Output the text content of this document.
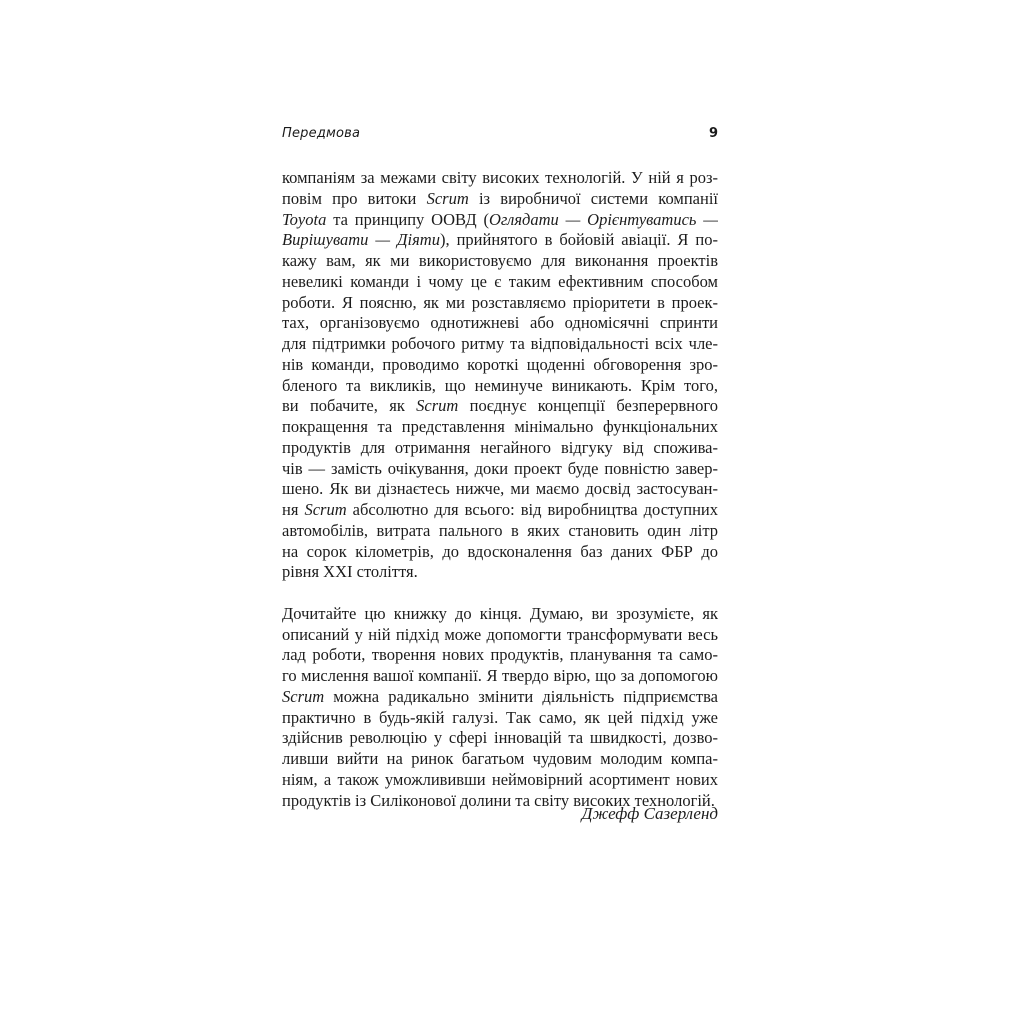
Передмова	9
компаніям за межами світу високих технологій. У ній я роз-
повім про витоки Scrum із виробничої системи компанії
Toyota та принципу ООВД (Оглядати — Орієнтуватись —
Вирішувати — Діяти), прийнятого в бойовій авіації. Я по-
кажу вам, як ми використовуємо для виконання проектів
невеликі команди і чому це є таким ефективним способом
роботи. Я поясню, як ми розставляємо пріоритети в проек-
тах, організовуємо однотижневі або одномісячні спринти
для підтримки робочого ритму та відповідальності всіх чле-
нів команди, проводимо короткі щоденні обговорення зро-
бленого та викликів, що неминуче виникають. Крім того,
ви побачите, як Scrum поєднує концепції безперервного
покращення та представлення мінімально функціональних
продуктів для отримання негайного відгуку від спожива-
чів — замість очікування, доки проект буде повністю завер-
шено. Як ви дізнаєтесь нижче, ми маємо досвід застосуван-
ня Scrum абсолютно для всього: від виробництва доступних
автомобілів, витрата пального в яких становить один літр
на сорок кілометрів, до вдосконалення баз даних ФБР до
рівня XXI століття.
Дочитайте цю книжку до кінця. Думаю, ви зрозумієте, як
описаний у ній підхід може допомогти трансформувати весь
лад роботи, творення нових продуктів, планування та само-
го мислення вашої компанії. Я твердо вірю, що за допомогою
Scrum можна радикально змінити діяльність підприємства
практично в будь-якій галузі. Так само, як цей підхід уже
здійснив революцію у сфері інновацій та швидкості, дозво-
ливши вийти на ринок багатьом чудовим молодим компа-
ніям, а також уможлививши неймовірний асортимент нових
продуктів із Силіконової долини та світу високих технологій.
Джефф Сазерленд
